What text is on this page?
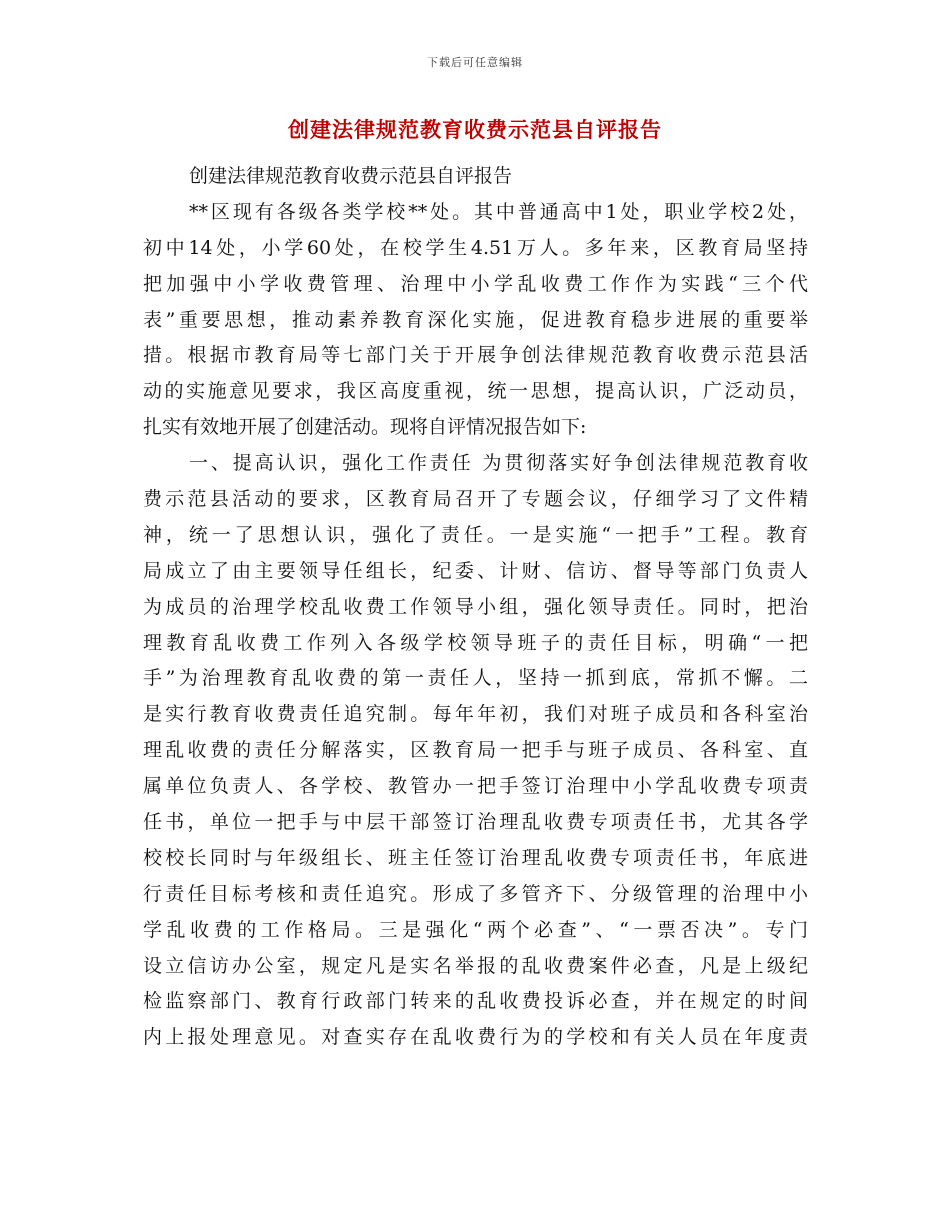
下载后可任意编辑
创建法律规范教育收费示范县自评报告
创建法律规范教育收费示范县自评报告
**区现有各级各类学校**处。其中普通高中1处，职业学校2处，
初中14处，小学60处，在校学生4.51万人。多年来，区教育局坚持
把加强中小学收费管理、治理中小学乱收费工作作为实践“三个代
表”重要思想，推动素养教育深化实施，促进教育稳步进展的重要举
措。根据市教育局等七部门关于开展争创法律规范教育收费示范县活
动的实施意见要求，我区高度重视，统一思想，提高认识，广泛动员，
扎实有效地开展了创建活动。现将自评情况报告如下:
一、提高认识，强化工作责任 为贯彻落实好争创法律规范教育收
费示范县活动的要求，区教育局召开了专题会议，仔细学习了文件精
神，统一了思想认识，强化了责任。一是实施“一把手”工程。教育
局成立了由主要领导任组长，纪委、计财、信访、督导等部门负责人
为成员的治理学校乱收费工作领导小组，强化领导责任。同时，把治
理教育乱收费工作列入各级学校领导班子的责任目标，明确“一把
手”为治理教育乱收费的第一责任人，坚持一抓到底，常抓不懈。二
是实行教育收费责任追究制。每年年初，我们对班子成员和各科室治
理乱收费的责任分解落实，区教育局一把手与班子成员、各科室、直
属单位负责人、各学校、教管办一把手签订治理中小学乱收费专项责
任书，单位一把手与中层干部签订治理乱收费专项责任书，尤其各学
校校长同时与年级组长、班主任签订治理乱收费专项责任书，年底进
行责任目标考核和责任追究。形成了多管齐下、分级管理的治理中小
学乱收费的工作格局。三是强化“两个必查”、“一票否决”。专门
设立信访办公室，规定凡是实名举报的乱收费案件必查，凡是上级纪
检监察部门、教育行政部门转来的乱收费投诉必查，并在规定的时间
内上报处理意见。对查实存在乱收费行为的学校和有关人员在年度责
